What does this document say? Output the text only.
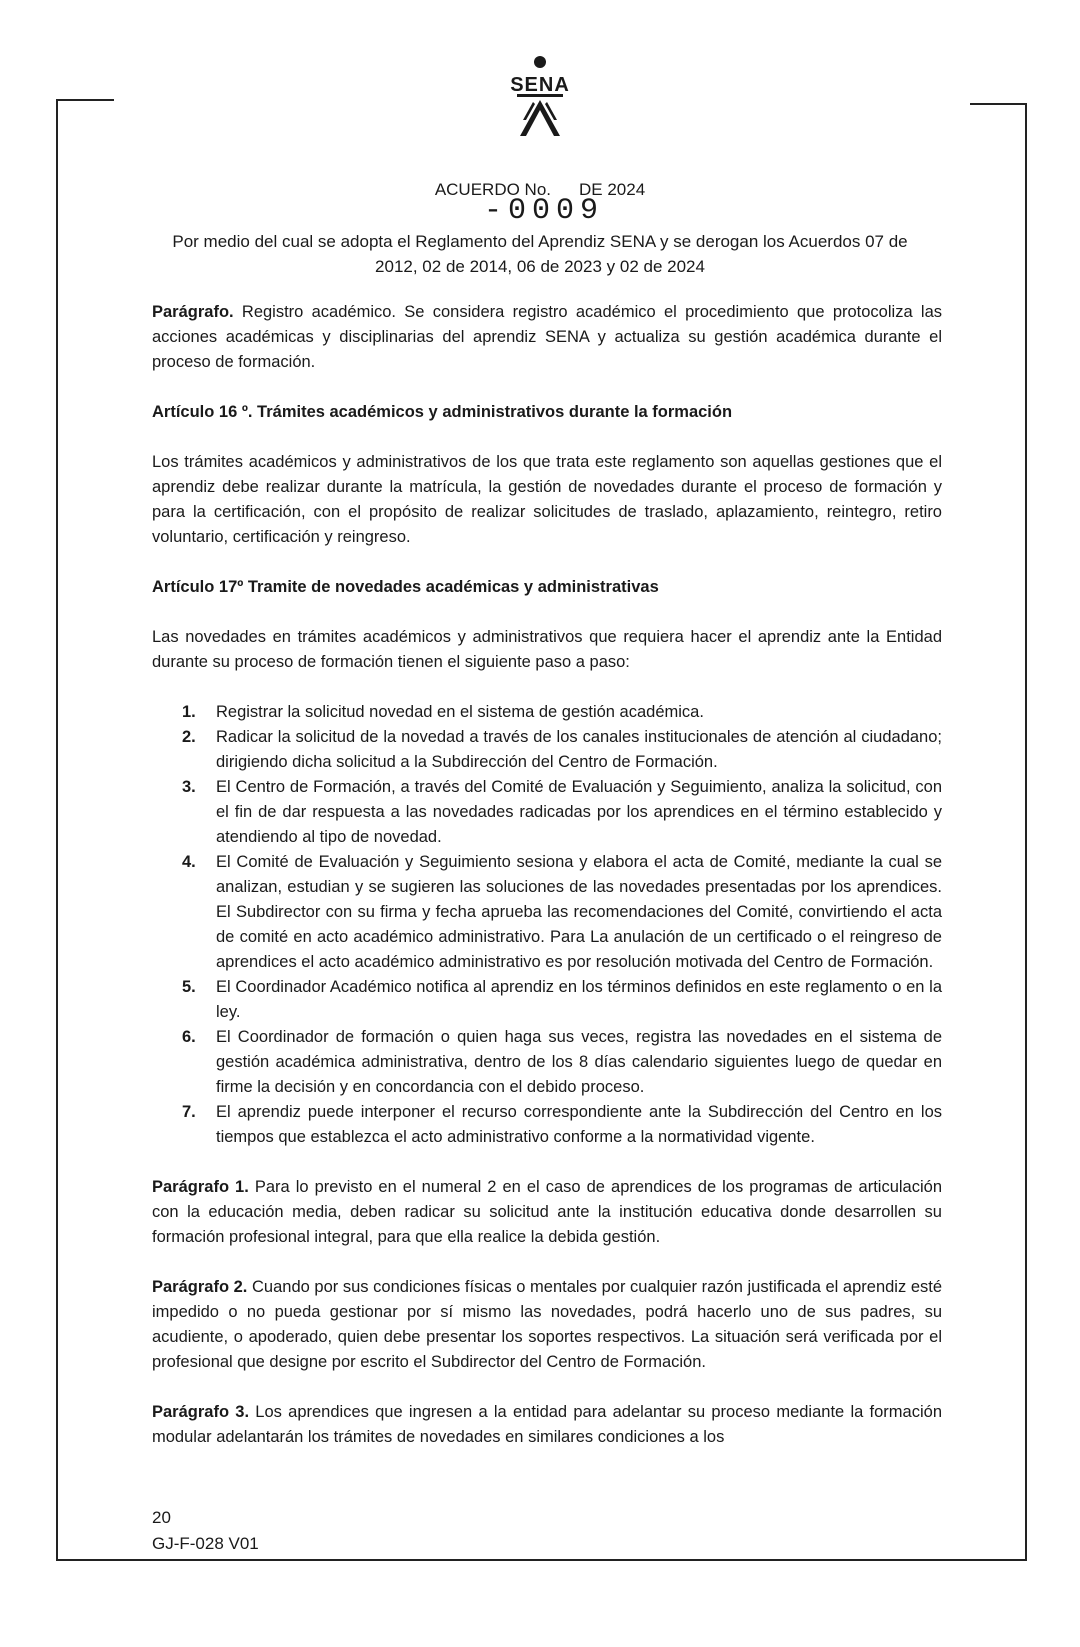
SENA
ACUERDO No. DE 2024
-0009
Por medio del cual se adopta el Reglamento del Aprendiz SENA y se derogan los Acuerdos 07 de
2012, 02 de 2014, 06 de 2023 y 02 de 2024

Parágrafo. Registro académico. Se considera registro académico el procedimiento que protocoliza las acciones académicas y disciplinarias del aprendiz SENA y actualiza su gestión académica durante el proceso de formación.

Artículo 16 º. Trámites académicos y administrativos durante la formación

Los trámites académicos y administrativos de los que trata este reglamento son aquellas gestiones que el aprendiz debe realizar durante la matrícula, la gestión de novedades durante el proceso de formación y para la certificación, con el propósito de realizar solicitudes de traslado, aplazamiento, reintegro, retiro voluntario, certificación y reingreso.

Artículo 17º Tramite de novedades académicas y administrativas

Las novedades en trámites académicos y administrativos que requiera hacer el aprendiz ante la Entidad durante su proceso de formación tienen el siguiente paso a paso:

1. Registrar la solicitud novedad en el sistema de gestión académica.
2. Radicar la solicitud de la novedad a través de los canales institucionales de atención al ciudadano; dirigiendo dicha solicitud a la Subdirección del Centro de Formación.
3. El Centro de Formación, a través del Comité de Evaluación y Seguimiento, analiza la solicitud, con el fin de dar respuesta a las novedades radicadas por los aprendices en el término establecido y atendiendo al tipo de novedad.
4. El Comité de Evaluación y Seguimiento sesiona y elabora el acta de Comité, mediante la cual se analizan, estudian y se sugieren las soluciones de las novedades presentadas por los aprendices. El Subdirector con su firma y fecha aprueba las recomendaciones del Comité, convirtiendo el acta de comité en acto académico administrativo. Para La anulación de un certificado o el reingreso de aprendices el acto académico administrativo es por resolución motivada del Centro de Formación.
5. El Coordinador Académico notifica al aprendiz en los términos definidos en este reglamento o en la ley.
6. El Coordinador de formación o quien haga sus veces, registra las novedades en el sistema de gestión académica administrativa, dentro de los 8 días calendario siguientes luego de quedar en firme la decisión y en concordancia con el debido proceso.
7. El aprendiz puede interponer el recurso correspondiente ante la Subdirección del Centro en los tiempos que establezca el acto administrativo conforme a la normatividad vigente.

Parágrafo 1. Para lo previsto en el numeral 2 en el caso de aprendices de los programas de articulación con la educación media, deben radicar su solicitud ante la institución educativa donde desarrollen su formación profesional integral, para que ella realice la debida gestión.

Parágrafo 2. Cuando por sus condiciones físicas o mentales por cualquier razón justificada el aprendiz esté impedido o no pueda gestionar por sí mismo las novedades, podrá hacerlo uno de sus padres, su acudiente, o apoderado, quien debe presentar los soportes respectivos. La situación será verificada por el profesional que designe por escrito el Subdirector del Centro de Formación.

Parágrafo 3. Los aprendices que ingresen a la entidad para adelantar su proceso mediante la formación modular adelantarán los trámites de novedades en similares condiciones a los

20
GJ-F-028 V01
